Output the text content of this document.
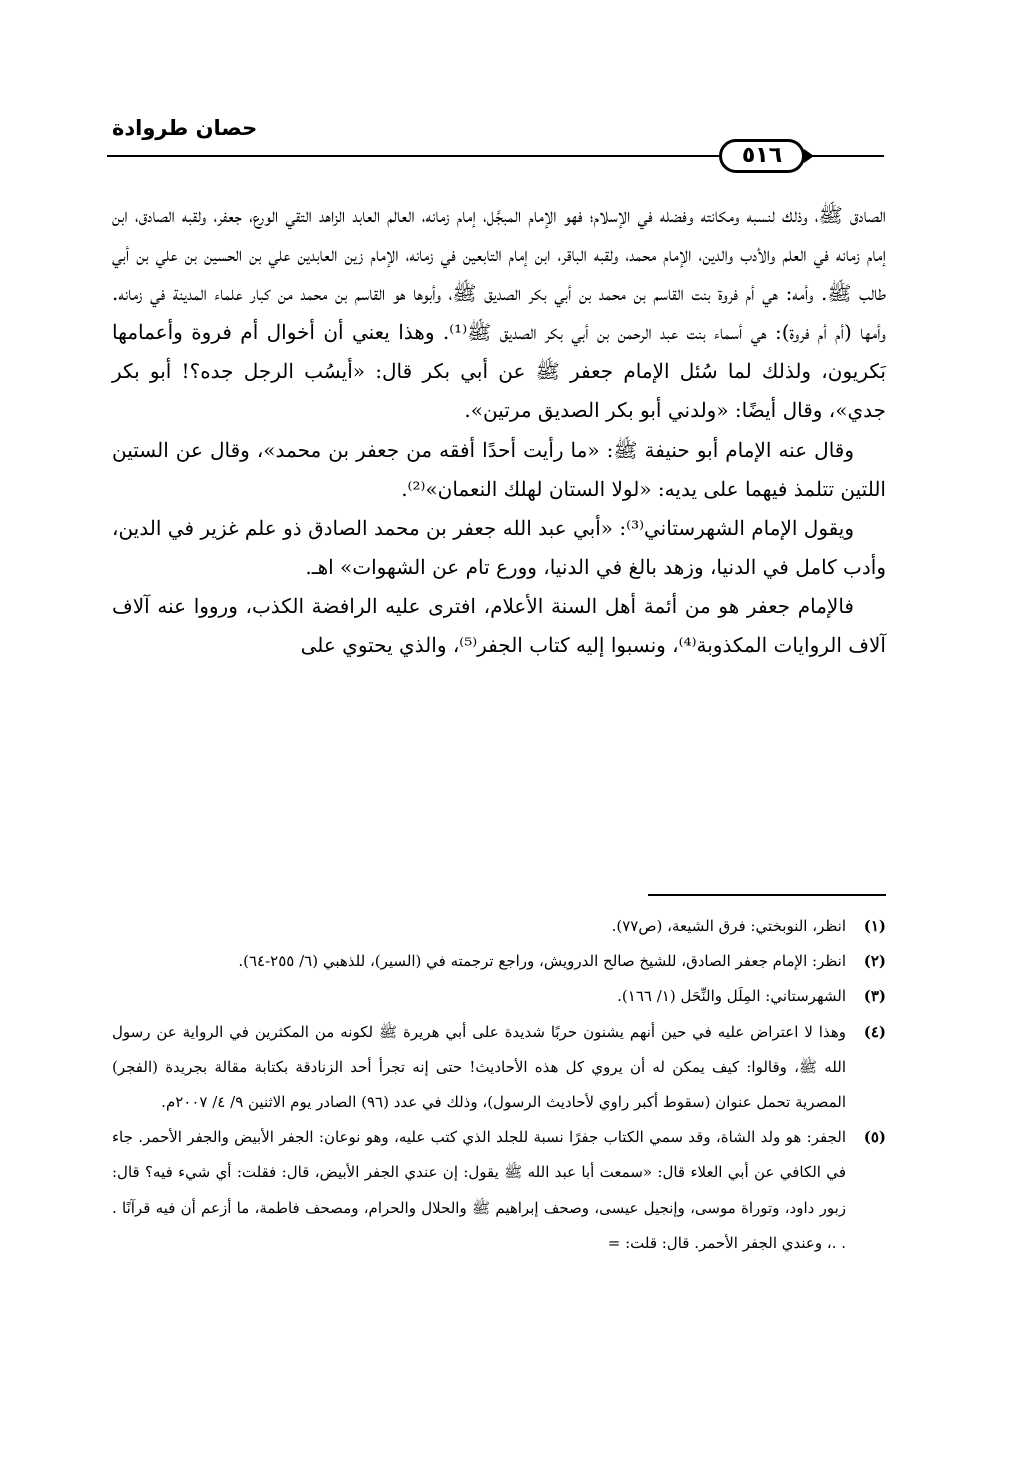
حصان طروادة
٥١٦

الصادق ﷺ، وذلك لنسبه ومكانته وفضله في الإسلام؛ فهو الإمام المبجَّل، إمام زمانه، العالم العابد الزاهد التقي الورع، جعفر، ولقبه الصادق، ابن إمام زمانه في العلم والأدب والدين، الإمام محمد، ولقبه الباقر، ابن إمام التابعين في زمانه، الإمام زين العابدين علي بن الحسين بن علي بن أبي طالب ﷺ. وأمه: هي أم فروة بنت القاسم بن محمد بن أبي بكر الصديق ﷺ، وأبوها هو القاسم بن محمد من كبار علماء المدينة في زمانه. وأمها (أم أم فروة): هي أسماء بنت عبد الرحمن بن أبي بكر الصديق ﷺ⁽¹⁾. وهذا يعني أن أخوال أم فروة وأعمامها بَكريون، ولذلك لما سُئل الإمام جعفر ﷺ عن أبي بكر قال: «أيسُب الرجل جده؟! أبو بكر جدي»، وقال أيضًا: «ولدني أبو بكر الصديق مرتين».

وقال عنه الإمام أبو حنيفة ﷺ: «ما رأيت أحدًا أفقه من جعفر بن محمد»، وقال عن الستين اللتين تتلمذ فيهما على يديه: «لولا الستان لهلك النعمان»⁽²⁾.

ويقول الإمام الشهرستاني⁽³⁾: «أبي عبد الله جعفر بن محمد الصادق ذو علم غزير في الدين، وأدب كامل في الدنيا، وزهد بالغ في الدنيا، وورع تام عن الشهوات» اهـ.

فالإمام جعفر هو من أئمة أهل السنة الأعلام، افترى عليه الرافضة الكذب، ورووا عنه آلاف آلاف الروايات المكذوبة⁽⁴⁾، ونسبوا إليه كتاب الجفر⁽⁵⁾، والذي يحتوي على

(١)
انظر، النوبختي: فرق الشيعة، (ص٧٧).
(٢)
انظر: الإمام جعفر الصادق، للشيخ صالح الدرويش، وراجع ترجمته في (السير)، للذهبي (٦/ ٢٥٥-٦٤).
(٣)
الشهرستاني: المِلَل والنِّحَل (١/ ١٦٦).
(٤)
وهذا لا اعتراض عليه في حين أنهم يشنون حربًا شديدة على أبي هريرة ﷺ لكونه من المكثرين في الرواية عن رسول الله ﷺ، وقالوا: كيف يمكن له أن يروي كل هذه الأحاديث! حتى إنه تجرأ أحد الزنادقة بكتابة مقالة بجريدة (الفجر) المصرية تحمل عنوان (سقوط أكبر راوي لأحاديث الرسول)، وذلك في عدد (٩٦) الصادر يوم الاثنين ٩/ ٤/ ٢٠٠٧م.
(٥)
الجفر: هو ولد الشاة، وقد سمي الكتاب جفرًا نسبة للجلد الذي كتب عليه، وهو نوعان: الجفر الأبيض والجفر الأحمر. جاء في الكافي عن أبي العلاء قال: «سمعت أبا عبد الله ﷺ يقول: إن عندي الجفر الأبيض، قال: فقلت: أي شيء فيه؟ قال: زبور داود، وتوراة موسى، وإنجيل عيسى، وصحف إبراهيم ﷺ والحلال والحرام، ومصحف فاطمة، ما أزعم أن فيه قرآنًا . . .، وعندي الجفر الأحمر. قال: قلت: =
